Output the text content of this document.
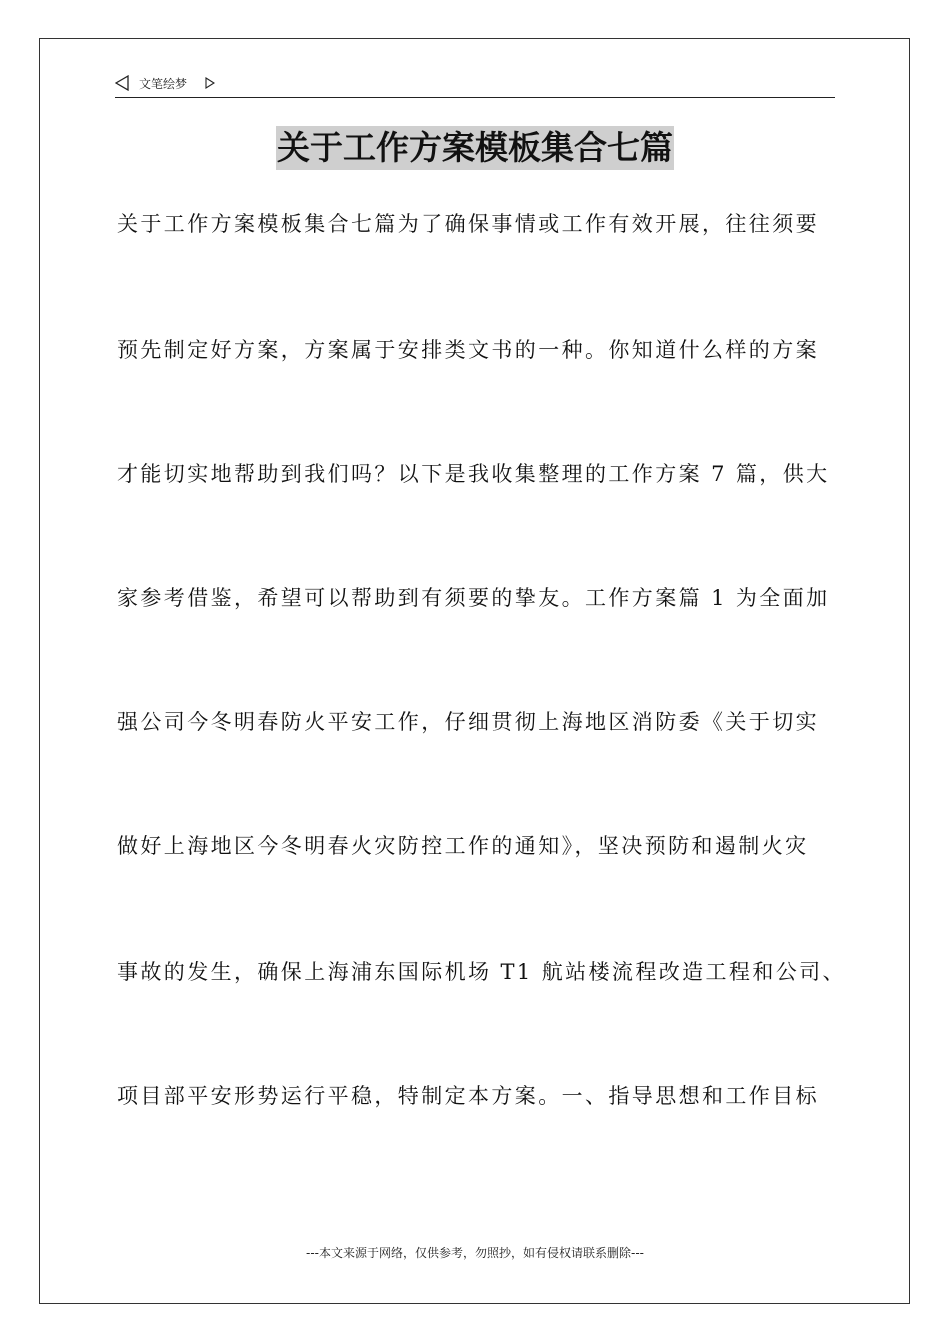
文笔绘梦
关于工作方案模板集合七篇
关于工作方案模板集合七篇为了确保事情或工作有效开展，往往须要
预先制定好方案，方案属于安排类文书的一种。你知道什么样的方案
才能切实地帮助到我们吗？以下是我收集整理的工作方案 7 篇，供大
家参考借鉴，希望可以帮助到有须要的挚友。工作方案篇 1 为全面加
强公司今冬明春防火平安工作，仔细贯彻上海地区消防委《关于切实
做好上海地区今冬明春火灾防控工作的通知》，坚决预防和遏制火灾
事故的发生，确保上海浦东国际机场 T1 航站楼流程改造工程和公司、
项目部平安形势运行平稳，特制定本方案。一、指导思想和工作目标
---本文来源于网络，仅供参考，勿照抄，如有侵权请联系删除---
